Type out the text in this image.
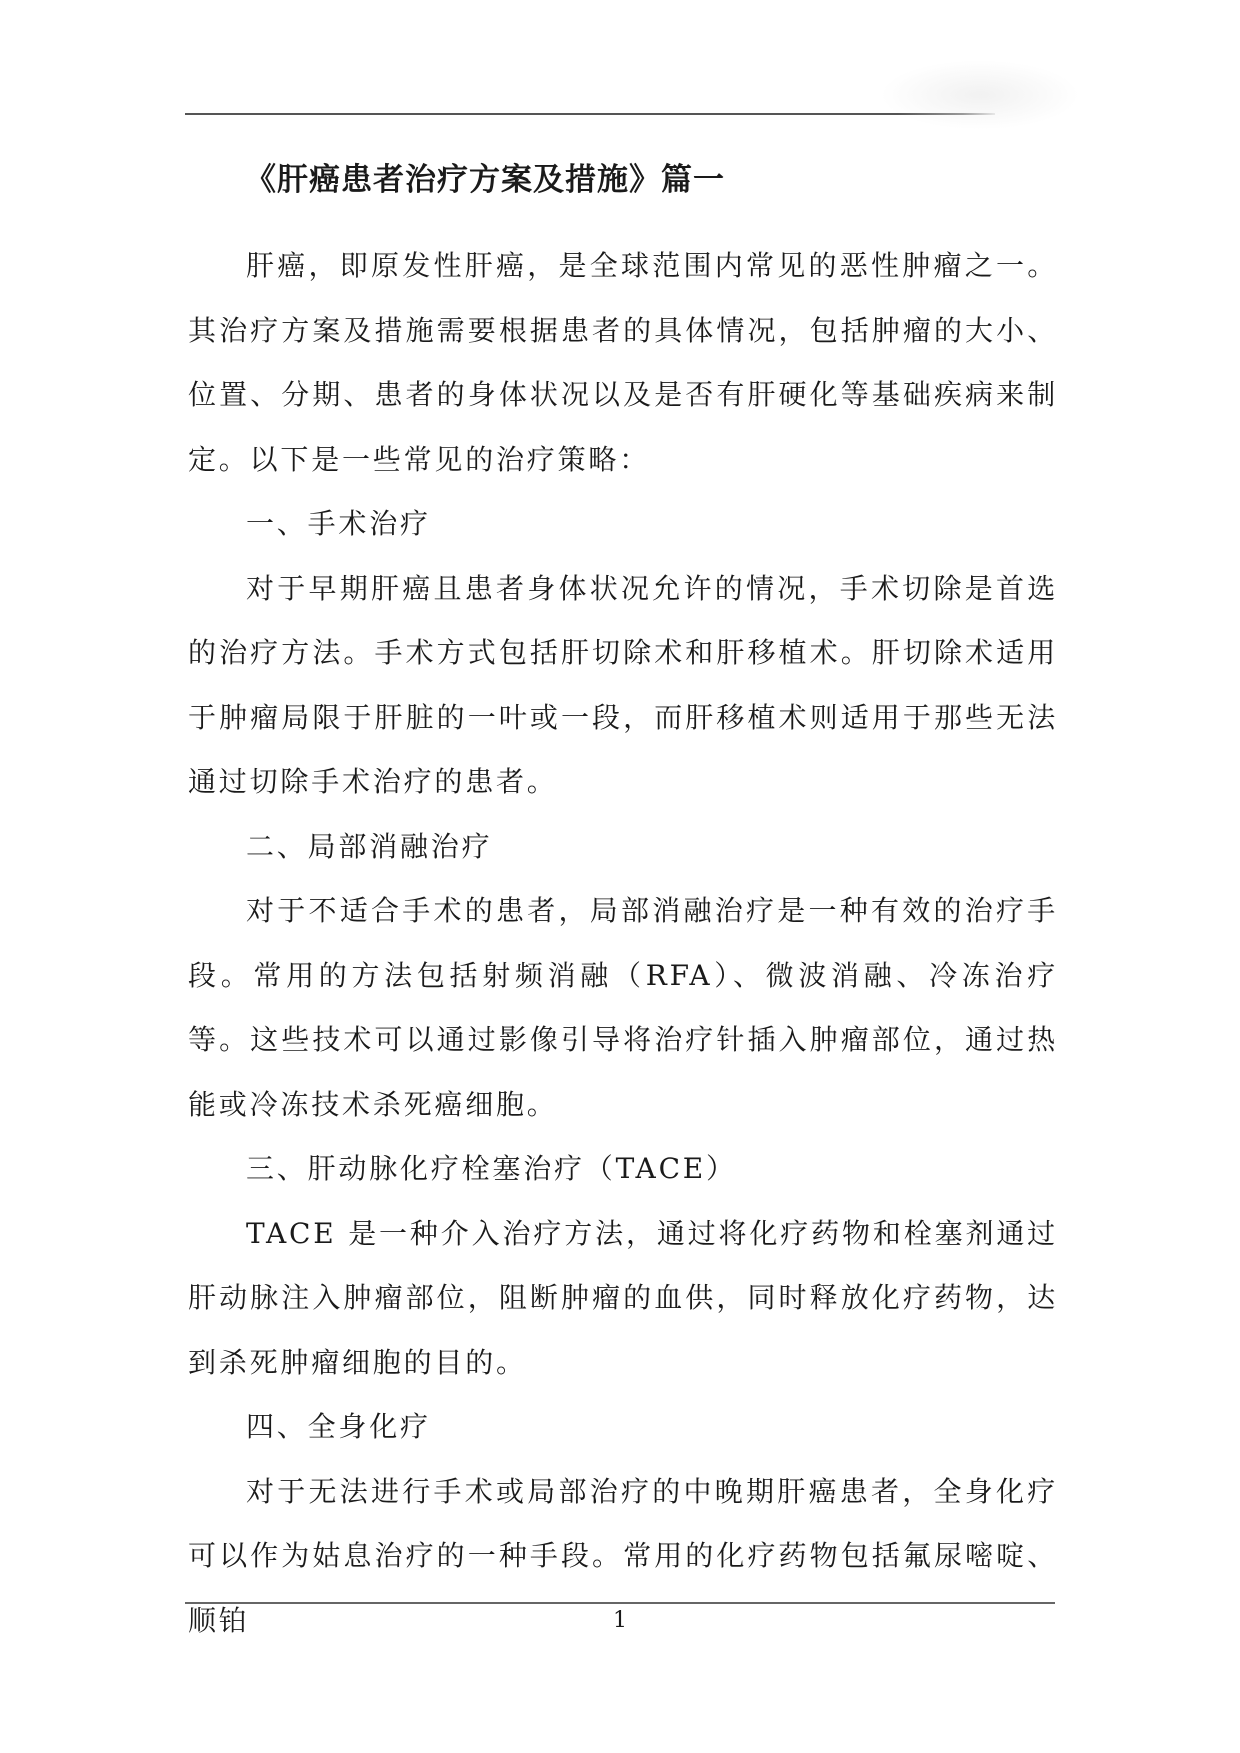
《肝癌患者治疗方案及措施》篇一

肝癌，即原发性肝癌，是全球范围内常见的恶性肿瘤之一。其治疗方案及措施需要根据患者的具体情况，包括肿瘤的大小、位置、分期、患者的身体状况以及是否有肝硬化等基础疾病来制定。以下是一些常见的治疗策略：

一、手术治疗

对于早期肝癌且患者身体状况允许的情况，手术切除是首选的治疗方法。手术方式包括肝切除术和肝移植术。肝切除术适用于肿瘤局限于肝脏的一叶或一段，而肝移植术则适用于那些无法通过切除手术治疗的患者。

二、局部消融治疗

对于不适合手术的患者，局部消融治疗是一种有效的治疗手段。常用的方法包括射频消融（RFA）、微波消融、冷冻治疗等。这些技术可以通过影像引导将治疗针插入肿瘤部位，通过热能或冷冻技术杀死癌细胞。

三、肝动脉化疗栓塞治疗（TACE）

TACE 是一种介入治疗方法，通过将化疗药物和栓塞剂通过肝动脉注入肿瘤部位，阻断肿瘤的血供，同时释放化疗药物，达到杀死肿瘤细胞的目的。

四、全身化疗

对于无法进行手术或局部治疗的中晚期肝癌患者，全身化疗可以作为姑息治疗的一种手段。常用的化疗药物包括氟尿嘧啶、顺铂	1
